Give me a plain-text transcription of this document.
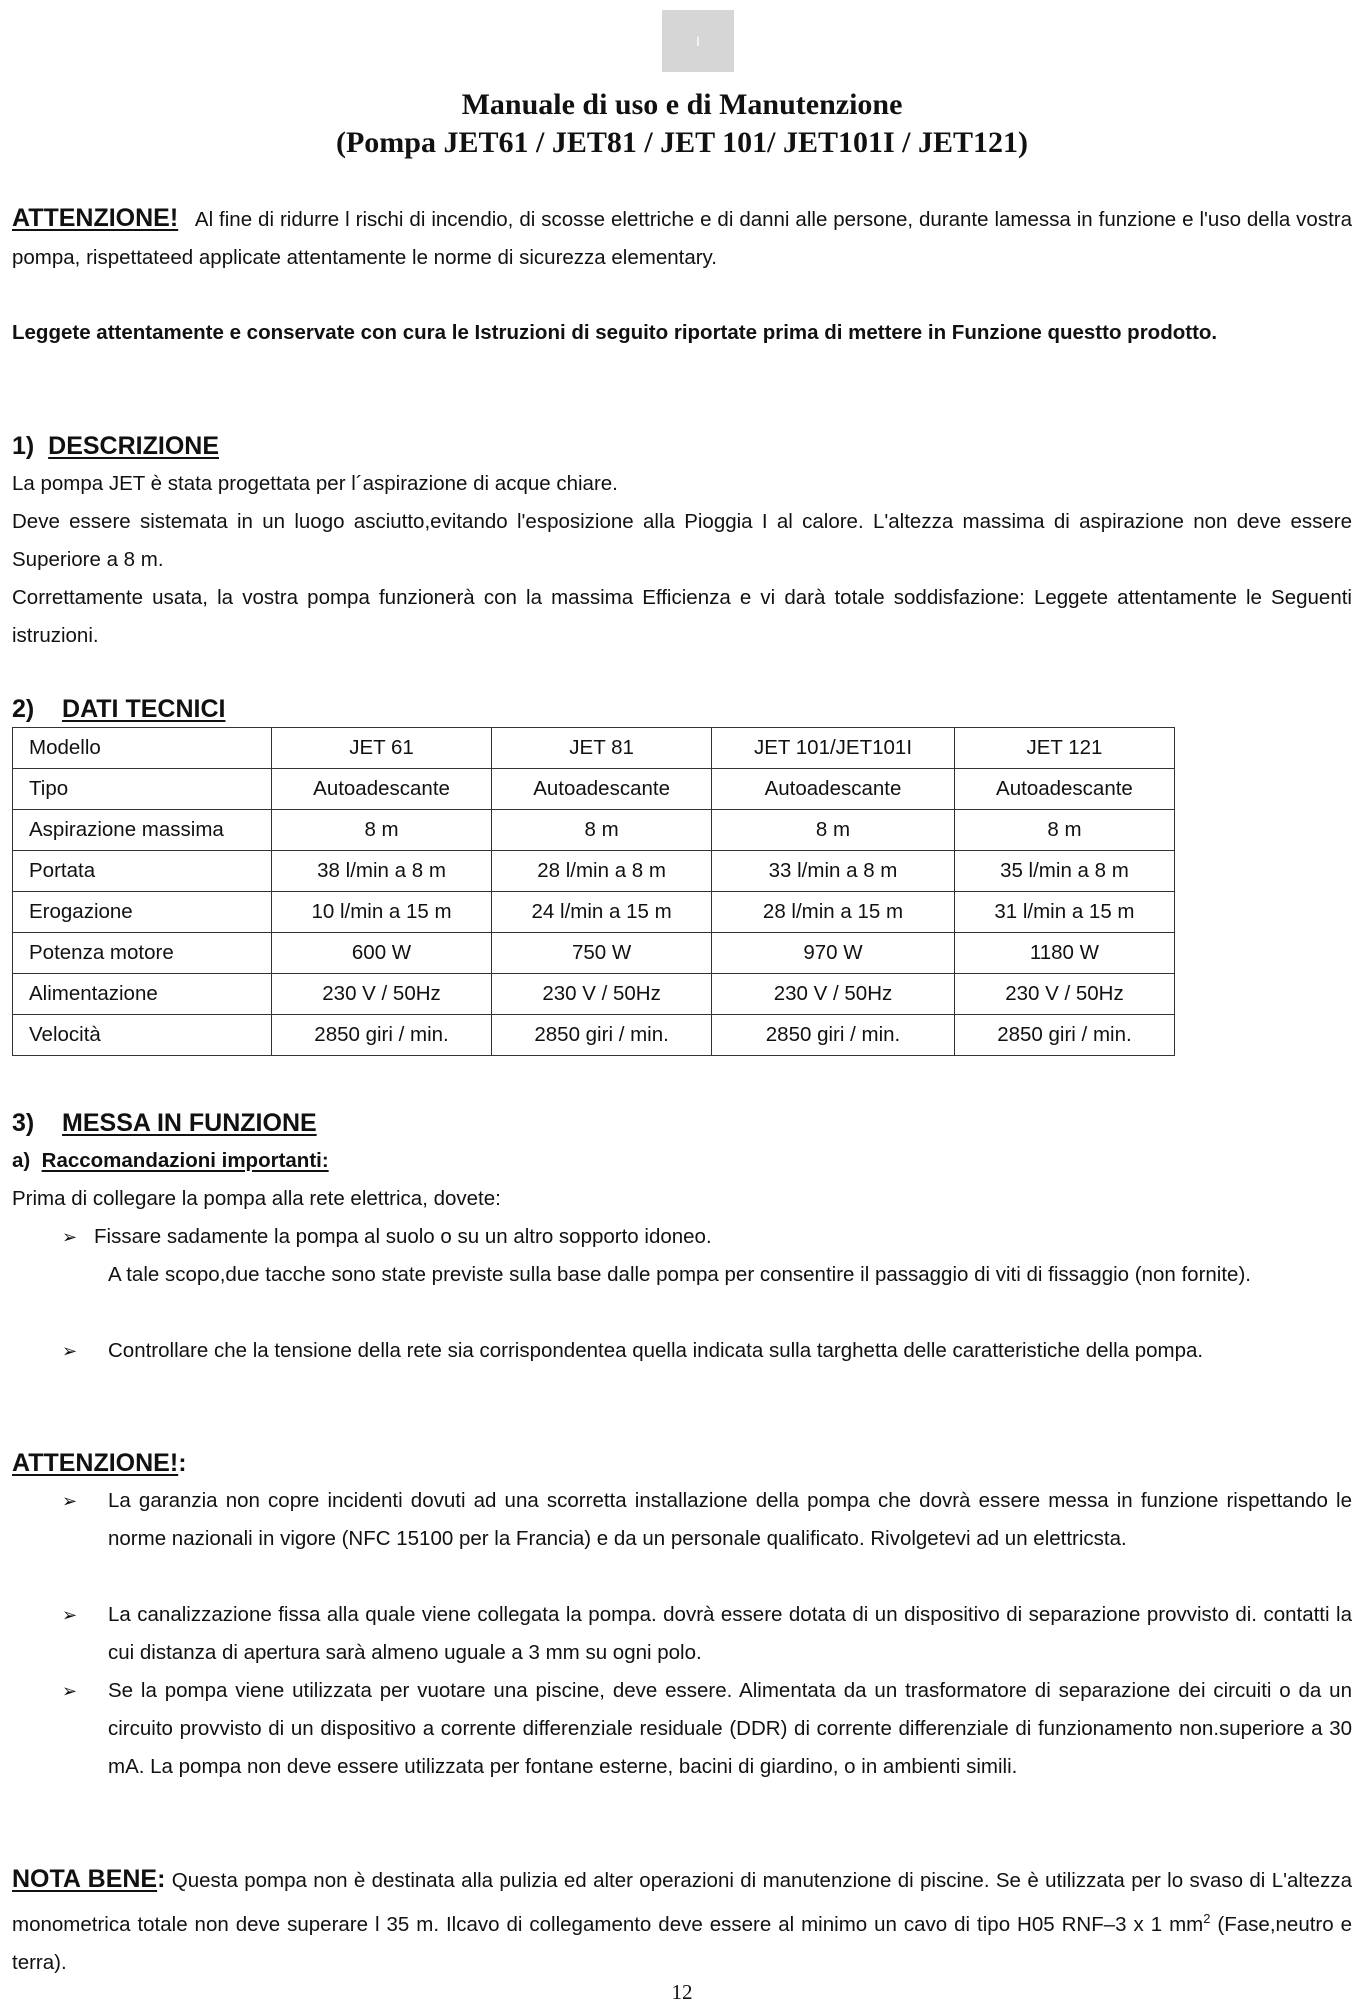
I
Manuale di uso e di Manutenzione
(Pompa JET61 / JET81 / JET 101/ JET101I / JET121)
ATTENZIONE! Al fine di ridurre l rischi di incendio, di scosse elettriche e di danni alle persone, durante lamessa in funzione e l'uso della vostra pompa, rispettateed applicate attentamente le norme di sicurezza elementary.
Leggete attentamente e conservate con cura le Istruzioni di seguito riportate prima di mettere in Funzione questto prodotto.
1) DESCRIZIONE
La pompa JET è stata progettata per l´aspirazione di acque chiare.
Deve essere sistemata in un luogo asciutto,evitando l'esposizione alla Pioggia I al calore. L'altezza massima di aspirazione non deve essere Superiore a 8 m.
Correttamente usata, la vostra pompa funzionerà con la massima Efficienza e vi darà totale soddisfazione: Leggete attentamente le Seguenti istruzioni.
2) DATI TECNICI
Modello	JET 61	JET 81	JET 101/JET101I	JET 121
Tipo	Autoadescante	Autoadescante	Autoadescante	Autoadescante
Aspirazione massima	8 m	8 m	8 m	8 m
Portata	38 l/min a 8 m	28 l/min a 8 m	33 l/min a 8 m	35 l/min a 8 m
Erogazione	10 l/min a 15 m	24 l/min a 15 m	28 l/min a 15 m	31 l/min a 15 m
Potenza motore	600 W	750 W	970 W	1180 W
Alimentazione	230 V / 50Hz	230 V / 50Hz	230 V / 50Hz	230 V / 50Hz
Velocità	2850 giri / min.	2850 giri / min.	2850 giri / min.	2850 giri / min.
3) MESSA IN FUNZIONE
a) Raccomandazioni importanti:
Prima di collegare la pompa alla rete elettrica, dovete:
➢ Fissare sadamente la pompa al suolo o su un altro sopporto idoneo.
A tale scopo,due tacche sono state previste sulla base dalle pompa per consentire il passaggio di viti di fissaggio (non fornite).
➢	Controllare che la tensione della rete sia corrispondentea quella indicata sulla targhetta delle caratteristiche della pompa.
ATTENZIONE!:
➢	La garanzia non copre incidenti dovuti ad una scorretta installazione della pompa che dovrà essere messa in funzione rispettando le norme nazionali in vigore (NFC 15100 per la Francia) e da un personale qualificato. Rivolgetevi ad un elettricsta.
➢	La canalizzazione fissa alla quale viene collegata la pompa. dovrà essere dotata di un dispositivo di separazione provvisto di. contatti la cui distanza di apertura sarà almeno uguale a 3 mm su ogni polo.
➢	Se la pompa viene utilizzata per vuotare una piscine, deve essere. Alimentata da un trasformatore di separazione dei circuiti o da un circuito provvisto di un dispositivo a corrente differenziale residuale (DDR) di corrente differenziale di funzionamento non.superiore a 30 mA. La pompa non deve essere utilizzata per fontane esterne, bacini di giardino, o in ambienti simili.
NOTA BENE: Questa pompa non è destinata alla pulizia ed alter operazioni di manutenzione di piscine. Se è utilizzata per lo svaso di L'altezza monometrica totale non deve superare l 35 m. Ilcavo di collegamento deve essere al minimo un cavo di tipo H05 RNF–3 x 1 $mm^2$ (Fase,neutro e terra).
12
